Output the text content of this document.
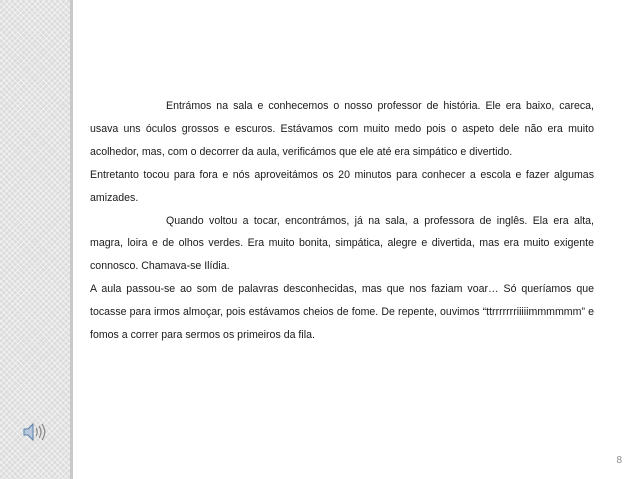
Entrámos na sala e conhecemos o nosso professor de história. Ele era baixo, careca, usava uns óculos grossos e escuros. Estávamos com muito medo pois o aspeto dele não era muito acolhedor, mas, com o decorrer da aula, verificámos que ele até era simpático e divertido.

Entretanto tocou para fora e nós aproveitámos os 20 minutos para conhecer a escola e fazer algumas amizades.

Quando voltou a tocar, encontrámos, já na sala, a professora de inglês. Ela era alta, magra, loira e de olhos verdes. Era muito bonita, simpática, alegre e divertida, mas era muito exigente connosco. Chamava-se Ilídia.

A aula passou-se ao som de palavras desconhecidas, mas que nos faziam voar… Só queríamos que tocasse para irmos almoçar, pois estávamos cheios de fome. De repente, ouvimos “ttrrrrrrriiiiimmmmmm” e fomos a correr para sermos os primeiros da fila.

8
